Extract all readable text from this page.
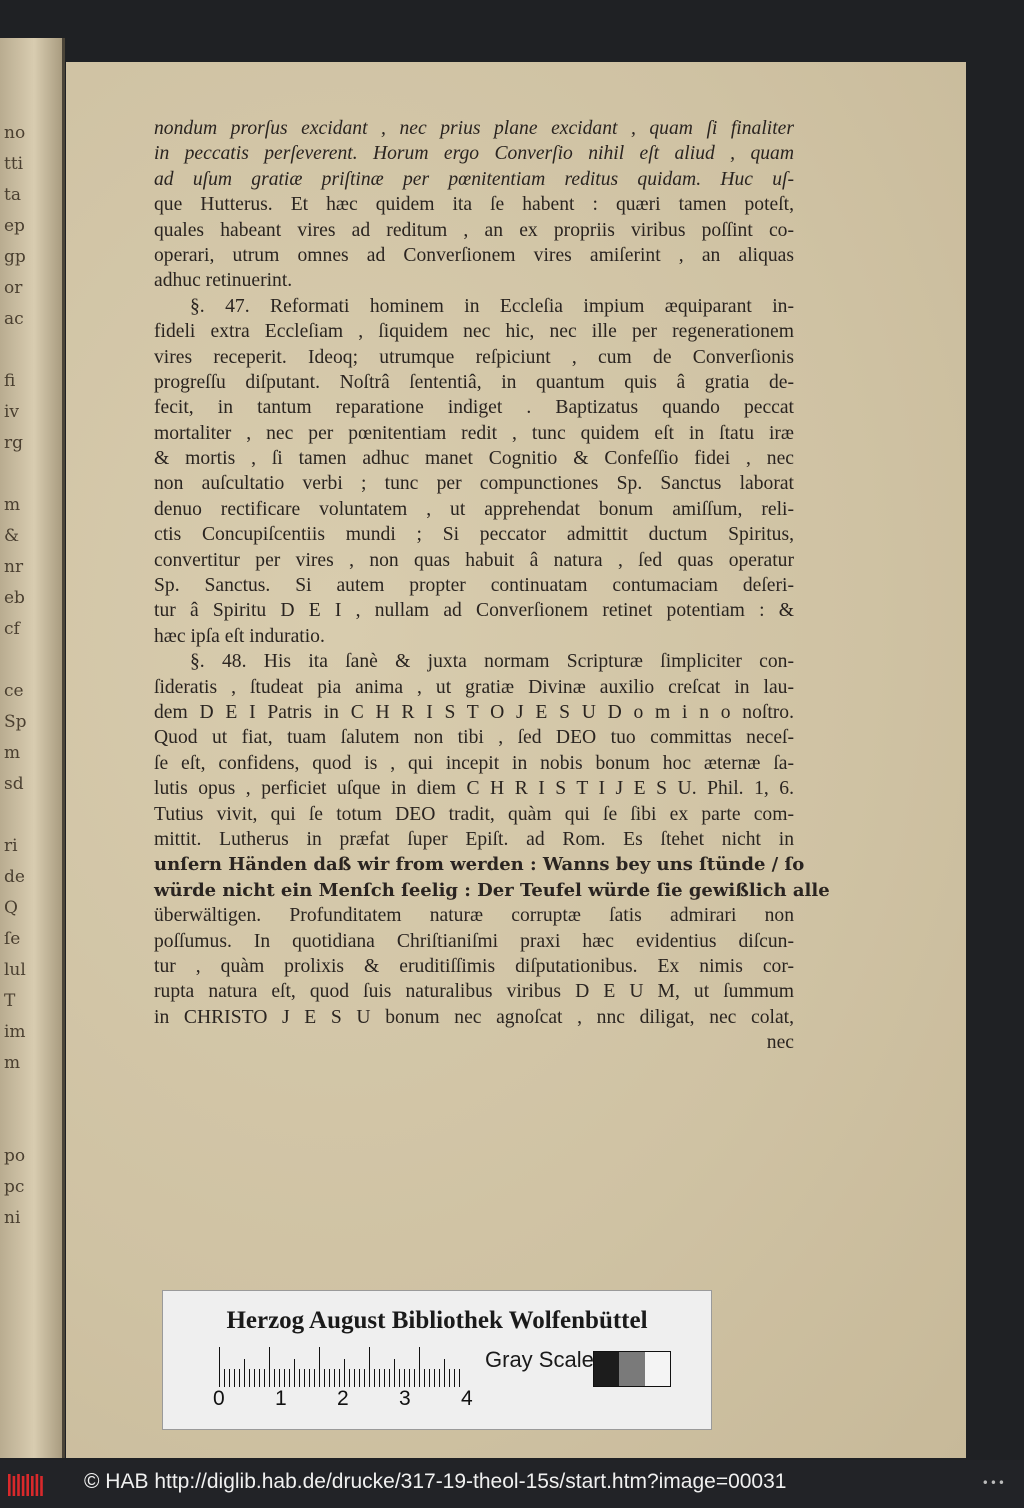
no
tti
ta
ep
gp
or
ac
fi
iv
rg
m
&
nr
eb
cf
ce
Sp
m
sd
ri
de
Q
ſe
lul
T
im
m
po
pc
ni
nondum prorſus excidant , nec prius plane excidant , quam ſi finaliter
in peccatis perſeverent. Horum ergo Converſio nihil eſt aliud , quam
ad uſum gratiæ priſtinæ per pœnitentiam reditus quidam. Huc uſ-
que Hutterus. Et hæc quidem ita ſe habent : quæri tamen poteſt,
quales habeant vires ad reditum , an ex propriis viribus poſſint co-
operari, utrum omnes ad Converſionem vires amiſerint , an aliquas
adhuc retinuerint.
§. 47. Reformati hominem in Eccleſia impium æquiparant in-
fideli extra Eccleſiam , ſiquidem nec hic, nec ille per regenerationem
vires receperit. Ideoq; utrumque reſpiciunt , cum de Converſionis
progreſſu diſputant. Noſtrâ ſententiâ, in quantum quis â gratia de-
fecit, in tantum reparatione indiget . Baptizatus quando peccat
mortaliter , nec per pœnitentiam redit , tunc quidem eſt in ſtatu iræ
& mortis , ſi tamen adhuc manet Cognitio & Confeſſio fidei , nec
non auſcultatio verbi ; tunc per compunctiones Sp. Sanctus laborat
denuo rectificare voluntatem , ut apprehendat bonum amiſſum, reli-
ctis Concupiſcentiis mundi ; Si peccator admittit ductum Spiritus,
convertitur per vires , non quas habuit â natura , ſed quas operatur
Sp. Sanctus. Si autem propter continuatam contumaciam deſeri-
tur â Spiritu D E I , nullam ad Converſionem retinet potentiam : &
hæc ipſa eſt induratio.
§. 48. His ita ſanè & juxta normam Scripturæ ſimpliciter con-
ſideratis , ſtudeat pia anima , ut gratiæ Divinæ auxilio creſcat in lau-
dem D E I Patris in C H R I S T O J E S U D o m i n o noſtro.
Quod ut fiat, tuam ſalutem non tibi , ſed DEO tuo committas neceſ-
ſe eſt, confidens, quod is , qui incepit in nobis bonum hoc æternæ ſa-
lutis opus , perficiet uſque in diem C H R I S T I J E S U. Phil. 1, 6.
Tutius vivit, qui ſe totum DEO tradit, quàm qui ſe ſibi ex parte com-
mittit. Lutherus in præfat ſuper Epiſt. ad Rom. Es ſtehet nicht in
unſern Händen daß wir from werden : Wanns bey uns ſtünde / ſo
würde nicht ein Menſch ſeelig : Der Teufel würde ſie gewißlich alle
überwältigen. Profunditatem naturæ corruptæ ſatis admirari non
poſſumus. In quotidiana Chriſtianiſmi praxi hæc evidentius diſcun-
tur , quàm prolixis & eruditiſſimis diſputationibus. Ex nimis cor-
rupta natura eſt, quod ſuis naturalibus viribus D E U M, ut ſummum
in CHRISTO J E S U bonum nec agnoſcat , nnc diligat, nec colat,
nec
Herzog August Bibliothek Wolfenbüttel
0 1 2 3 4
Gray Scale
© HAB http://diglib.hab.de/drucke/317-19-theol-15s/start.htm?image=00031	•••
